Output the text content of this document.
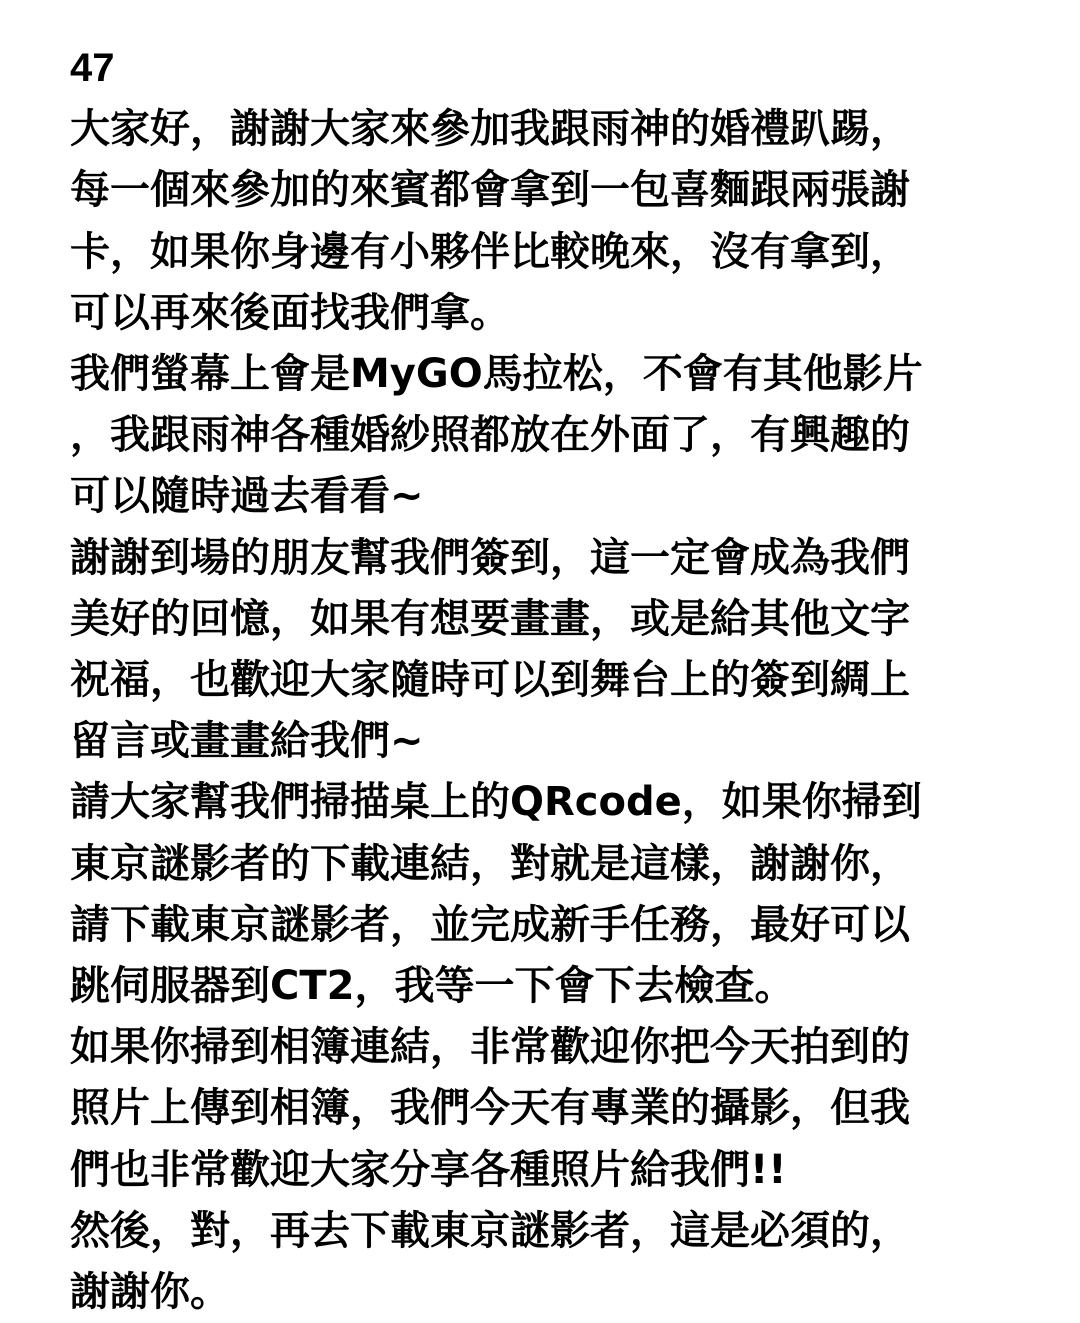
47

大家好，謝謝大家來參加我跟雨神的婚禮趴踢，
每一個來參加的來賓都會拿到一包喜麵跟兩張謝
卡，如果你身邊有小夥伴比較晚來，沒有拿到，
可以再來後面找我們拿。

我們螢幕上會是MyGO馬拉松，不會有其他影片
，我跟雨神各種婚紗照都放在外面了，有興趣的
可以隨時過去看看~

謝謝到場的朋友幫我們簽到，這一定會成為我們
美好的回憶，如果有想要畫畫，或是給其他文字
祝福，也歡迎大家隨時可以到舞台上的簽到綢上
留言或畫畫給我們~

請大家幫我們掃描桌上的QRcode，如果你掃到
東京謎影者的下載連結，對就是這樣，謝謝你，
請下載東京謎影者，並完成新手任務，最好可以
跳伺服器到CT2，我等一下會下去檢查。

如果你掃到相簿連結，非常歡迎你把今天拍到的
照片上傳到相簿，我們今天有專業的攝影，但我
們也非常歡迎大家分享各種照片給我們!!

然後，對，再去下載東京謎影者，這是必須的，
謝謝你。
